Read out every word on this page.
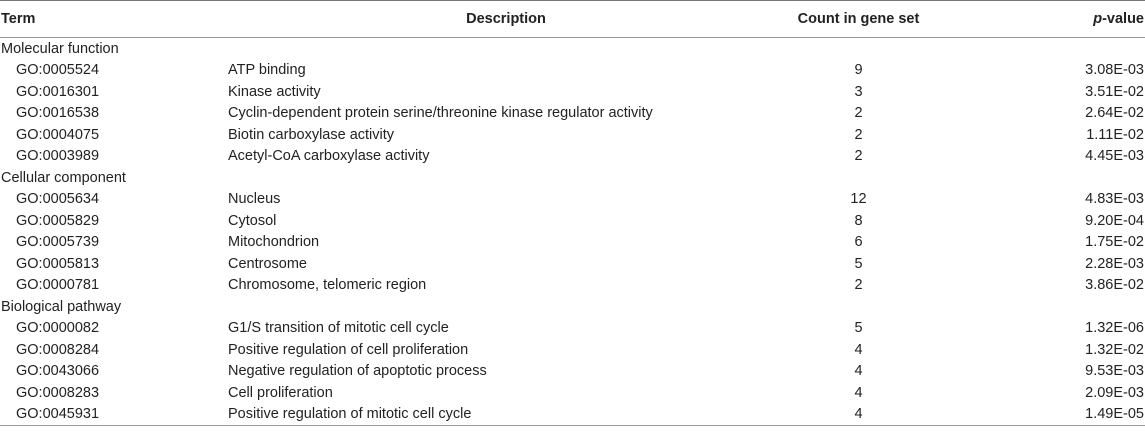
Term	Description	Count in gene set	p-value
Molecular function			
GO:0005524	ATP binding	9	3.08E-03
GO:0016301	Kinase activity	3	3.51E-02
GO:0016538	Cyclin-dependent protein serine/threonine kinase regulator activity	2	2.64E-02
GO:0004075	Biotin carboxylase activity	2	1.11E-02
GO:0003989	Acetyl-CoA carboxylase activity	2	4.45E-03
Cellular component			
GO:0005634	Nucleus	12	4.83E-03
GO:0005829	Cytosol	8	9.20E-04
GO:0005739	Mitochondrion	6	1.75E-02
GO:0005813	Centrosome	5	2.28E-03
GO:0000781	Chromosome, telomeric region	2	3.86E-02
Biological pathway			
GO:0000082	G1/S transition of mitotic cell cycle	5	1.32E-06
GO:0008284	Positive regulation of cell proliferation	4	1.32E-02
GO:0043066	Negative regulation of apoptotic process	4	9.53E-03
GO:0008283	Cell proliferation	4	2.09E-03
GO:0045931	Positive regulation of mitotic cell cycle	4	1.49E-05
